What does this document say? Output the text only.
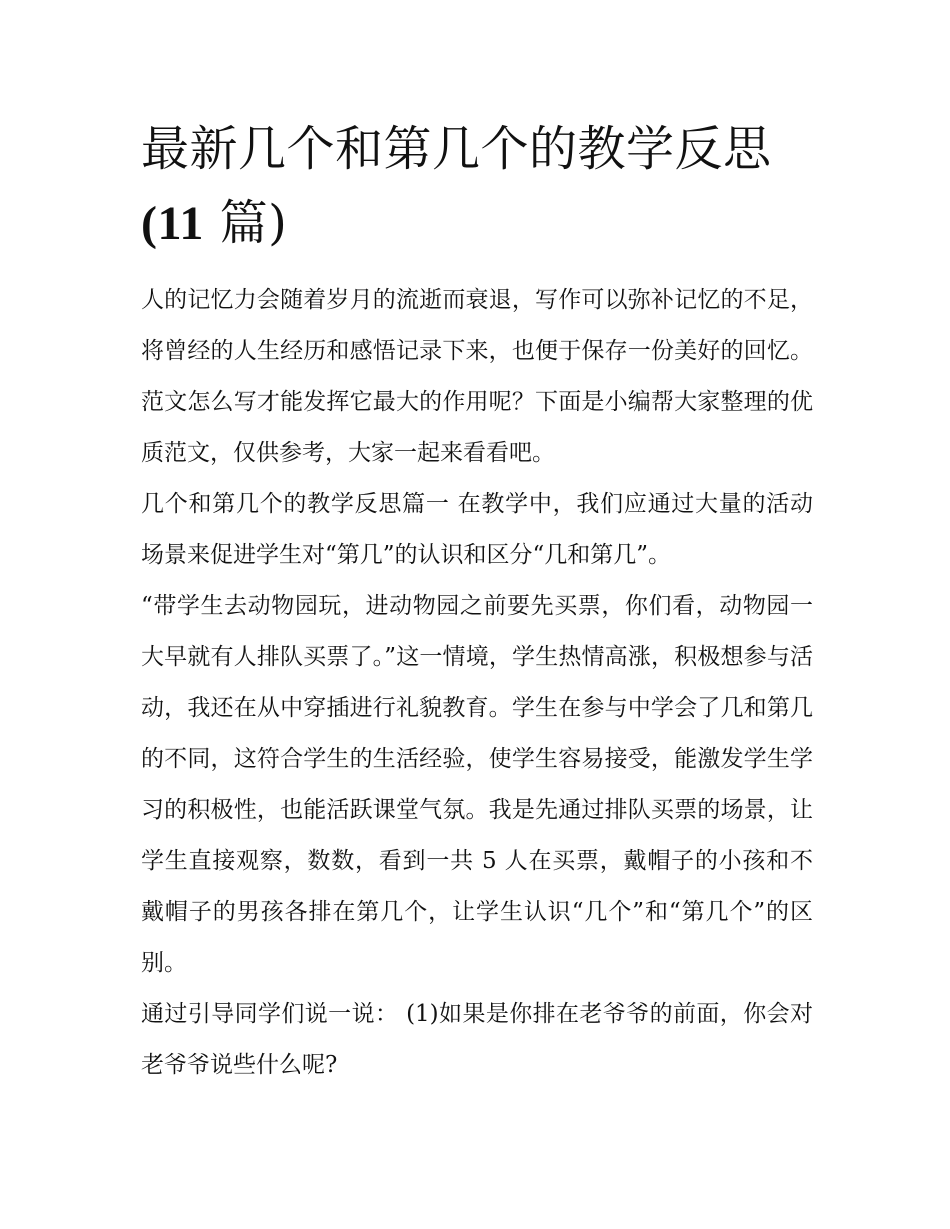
最新几个和第几个的教学反思
(11 篇)

人的记忆力会随着岁月的流逝而衰退，写作可以弥补记忆的不足，将曾经的人生经历和感悟记录下来，也便于保存一份美好的回忆。范文怎么写才能发挥它最大的作用呢？下面是小编帮大家整理的优质范文，仅供参考，大家一起来看看吧。

几个和第几个的教学反思篇一 在教学中，我们应通过大量的活动场景来促进学生对“第几”的认识和区分“几和第几”。

“带学生去动物园玩，进动物园之前要先买票，你们看，动物园一大早就有人排队买票了。”这一情境，学生热情高涨，积极想参与活动，我还在从中穿插进行礼貌教育。学生在参与中学会了几和第几的不同，这符合学生的生活经验，使学生容易接受，能激发学生学习的积极性，也能活跃课堂气氛。我是先通过排队买票的场景，让学生直接观察，数数，看到一共 5 人在买票，戴帽子的小孩和不戴帽子的男孩各排在第几个，让学生认识“几个”和“第几个”的区别。

通过引导同学们说一说： (1)如果是你排在老爷爷的前面，你会对老爷爷说些什么呢?
